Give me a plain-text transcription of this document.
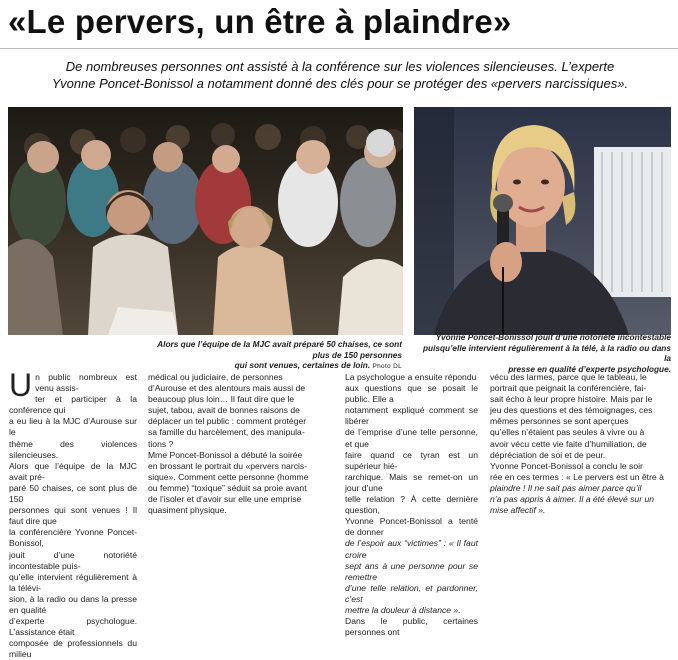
«Le pervers, un être à plaindre»

De nombreuses personnes ont assisté à la conférence sur les violences silencieuses. L’experte

Yvonne Poncet-Bonissol a notamment donné des clés pour se protéger des «pervers narcissiques».

Alors que l’équipe de la MJC avait préparé 50 chaises, ce sont plus de 150 personnes

qui sont venues, certaines de loin. Photo DL

Yvonne Poncet-Bonissol jouit d’une notoriété incontestable

puisqu’elle intervient régulièrement à la télé, à la radio ou dans la

presse en qualité d’experte psychologue.

U n public nombreux est venu assis-

ter et participer à la conférence qui

a eu lieu à la MJC d’Aurouse sur le

thème des violences silencieuses.

Alors que l’équipe de la MJC avait pré-

paré 50 chaises, ce sont plus de 150

personnes qui sont venues ! Il faut dire que

la conférencière Yvonne Poncet-Bonissol,

jouit d’une notoriété incontestable puis-

qu’elle intervient régulièrement à la télévi-

sion, à la radio ou dans la presse en qualité

d’experte psychologue. L’assistance était

composée de professionnels du milieu

médical ou judiciaire, de personnes

d’Aurouse et des alentours mais aussi de

beaucoup plus loin… Il faut dire que le

sujet, tabou, avait de bonnes raisons de

déplacer un tel public : comment protéger

sa famille du harcèlement, des manipula-

tions ?

Mme Poncet-Bonissol a débuté la soirée

en brossant le portrait du «pervers narcis-

sique». Comment cette personne (homme

ou femme) “toxique” séduit sa proie avant

de l’isoler et d’avoir sur elle une emprise

quasiment physique.

La psychologue a ensuite répondu

aux questions que se posait le public. Elle a

notamment expliqué comment se libérer

de l’emprise d’une telle personne, et que

faire quand ce tyran est un supérieur hié-

rarchique. Mais se remet-on un jour d’une

telle relation ? À cette dernière question,

Yvonne Poncet-Bonissol a tenté de donner

de l’espoir aux “victimes” : « Il faut croire

sept ans à une personne pour se remettre

d’une telle relation, et pardonner, c’est

mettre la douleur à distance ».

Dans le public, certaines personnes ont

vécu des larmes, parce que le tableau, le

portrait que peignait la conférencière, fai-

sait écho à leur propre histoire. Mais par le

jeu des questions et des témoignages, ces

mêmes personnes se sont aperçues

qu’elles n’étaient pas seules à vivre ou à

avoir vécu cette vie faite d’humiliation, de

dépréciation de soi et de peur.

Yvonne Poncet-Bonissol a conclu le soir

rée en ces termes : « Le pervers est un être à

plaindre ! Il ne sait pas aimer parce qu’il

n’a pas appris à aimer. Il a été élevé sur un

mise affectif ».
